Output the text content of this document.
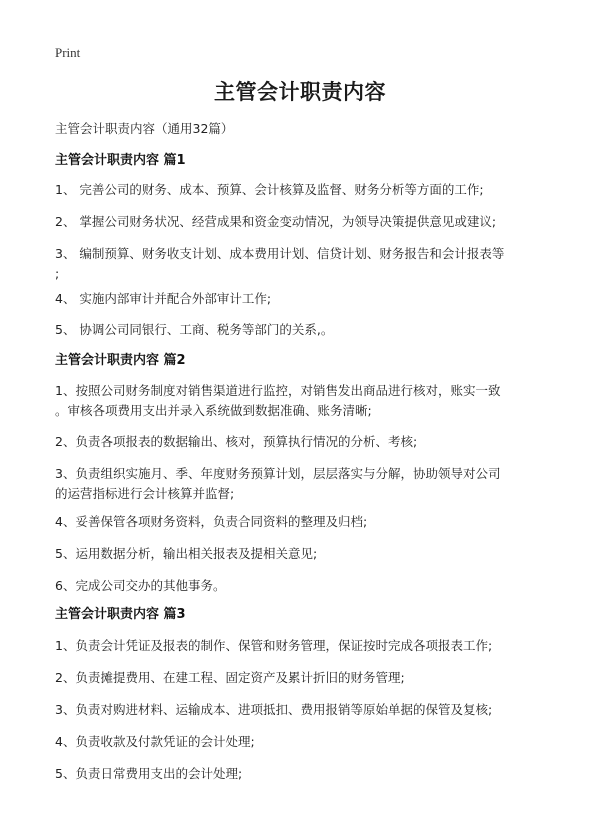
Print
主管会计职责内容
主管会计职责内容（通用32篇）
主管会计职责内容 篇1
1、 完善公司的财务、成本、预算、会计核算及监督、财务分析等方面的工作;
2、 掌握公司财务状况、经营成果和资金变动情况，为领导决策提供意见或建议;
3、 编制预算、财务收支计划、成本费用计划、信贷计划、财务报告和会计报表等
;
4、 实施内部审计并配合外部审计工作;
5、 协调公司同银行、工商、税务等部门的关系,。
主管会计职责内容 篇2
1、按照公司财务制度对销售渠道进行监控，对销售发出商品进行核对，账实一致
。审核各项费用支出并录入系统做到数据准确、账务清晰;
2、负责各项报表的数据输出、核对，预算执行情况的分析、考核;
3、负责组织实施月、季、年度财务预算计划，层层落实与分解，协助领导对公司
的运营指标进行会计核算并监督;
4、妥善保管各项财务资料，负责合同资料的整理及归档;
5、运用数据分析，输出相关报表及提相关意见;
6、完成公司交办的其他事务。
主管会计职责内容 篇3
1、负责会计凭证及报表的制作、保管和财务管理，保证按时完成各项报表工作;
2、负责摊提费用、在建工程、固定资产及累计折旧的财务管理;
3、负责对购进材料、运输成本、进项抵扣、费用报销等原始单据的保管及复核;
4、负责收款及付款凭证的会计处理;
5、负责日常费用支出的会计处理;
